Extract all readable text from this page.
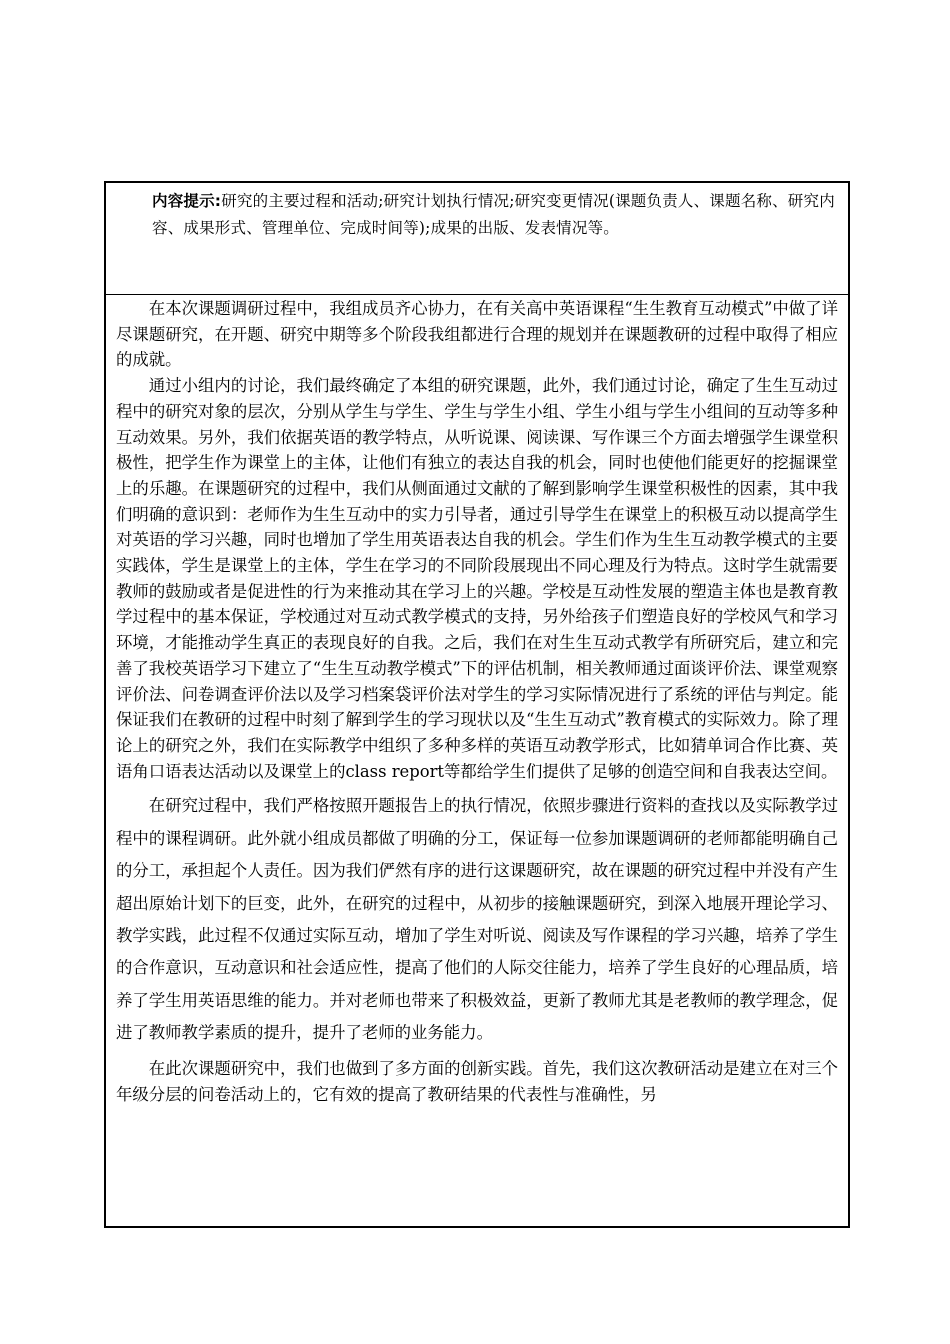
内容提示:研究的主要过程和活动;研究计划执行情况;研究变更情况(课题负责人、课题名称、研究内容、成果形式、管理单位、完成时间等);成果的出版、发表情况等。

在本次课题调研过程中，我组成员齐心协力，在有关高中英语课程“生生教育互动模式”中做了详尽课题研究，在开题、研究中期等多个阶段我组都进行合理的规划并在课题教研的过程中取得了相应的成就。

通过小组内的讨论，我们最终确定了本组的研究课题，此外，我们通过讨论，确定了生生互动过程中的研究对象的层次，分别从学生与学生、学生与学生小组、学生小组与学生小组间的互动等多种互动效果。另外，我们依据英语的教学特点，从听说课、阅读课、写作课三个方面去增强学生课堂积极性，把学生作为课堂上的主体，让他们有独立的表达自我的机会，同时也使他们能更好的挖掘课堂上的乐趣。在课题研究的过程中，我们从侧面通过文献的了解到影响学生课堂积极性的因素，其中我们明确的意识到：老师作为生生互动中的实力引导者，通过引导学生在课堂上的积极互动以提高学生对英语的学习兴趣，同时也增加了学生用英语表达自我的机会。学生们作为生生互动教学模式的主要实践体，学生是课堂上的主体，学生在学习的不同阶段展现出不同心理及行为特点。这时学生就需要教师的鼓励或者是促进性的行为来推动其在学习上的兴趣。学校是互动性发展的塑造主体也是教育教学过程中的基本保证，学校通过对互动式教学模式的支持，另外给孩子们塑造良好的学校风气和学习环境，才能推动学生真正的表现良好的自我。之后，我们在对生生互动式教学有所研究后，建立和完善了我校英语学习下建立了“生生互动教学模式”下的评估机制，相关教师通过面谈评价法、课堂观察评价法、问卷调查评价法以及学习档案袋评价法对学生的学习实际情况进行了系统的评估与判定。能保证我们在教研的过程中时刻了解到学生的学习现状以及“生生互动式”教育模式的实际效力。除了理论上的研究之外，我们在实际教学中组织了多种多样的英语互动教学形式，比如猜单词合作比赛、英语角口语表达活动以及课堂上的class report等都给学生们提供了足够的创造空间和自我表达空间。

在研究过程中，我们严格按照开题报告上的执行情况，依照步骤进行资料的查找以及实际教学过程中的课程调研。此外就小组成员都做了明确的分工，保证每一位参加课题调研的老师都能明确自己的分工，承担起个人责任。因为我们俨然有序的进行这课题研究，故在课题的研究过程中并没有产生超出原始计划下的巨变，此外，在研究的过程中，从初步的接触课题研究，到深入地展开理论学习、教学实践，此过程不仅通过实际互动，增加了学生对听说、阅读及写作课程的学习兴趣，培养了学生的合作意识，互动意识和社会适应性，提高了他们的人际交往能力，培养了学生良好的心理品质，培养了学生用英语思维的能力。并对老师也带来了积极效益，更新了教师尤其是老教师的教学理念，促进了教师教学素质的提升，提升了老师的业务能力。

在此次课题研究中，我们也做到了多方面的创新实践。首先，我们这次教研活动是建立在对三个年级分层的问卷活动上的，它有效的提高了教研结果的代表性与准确性，另
